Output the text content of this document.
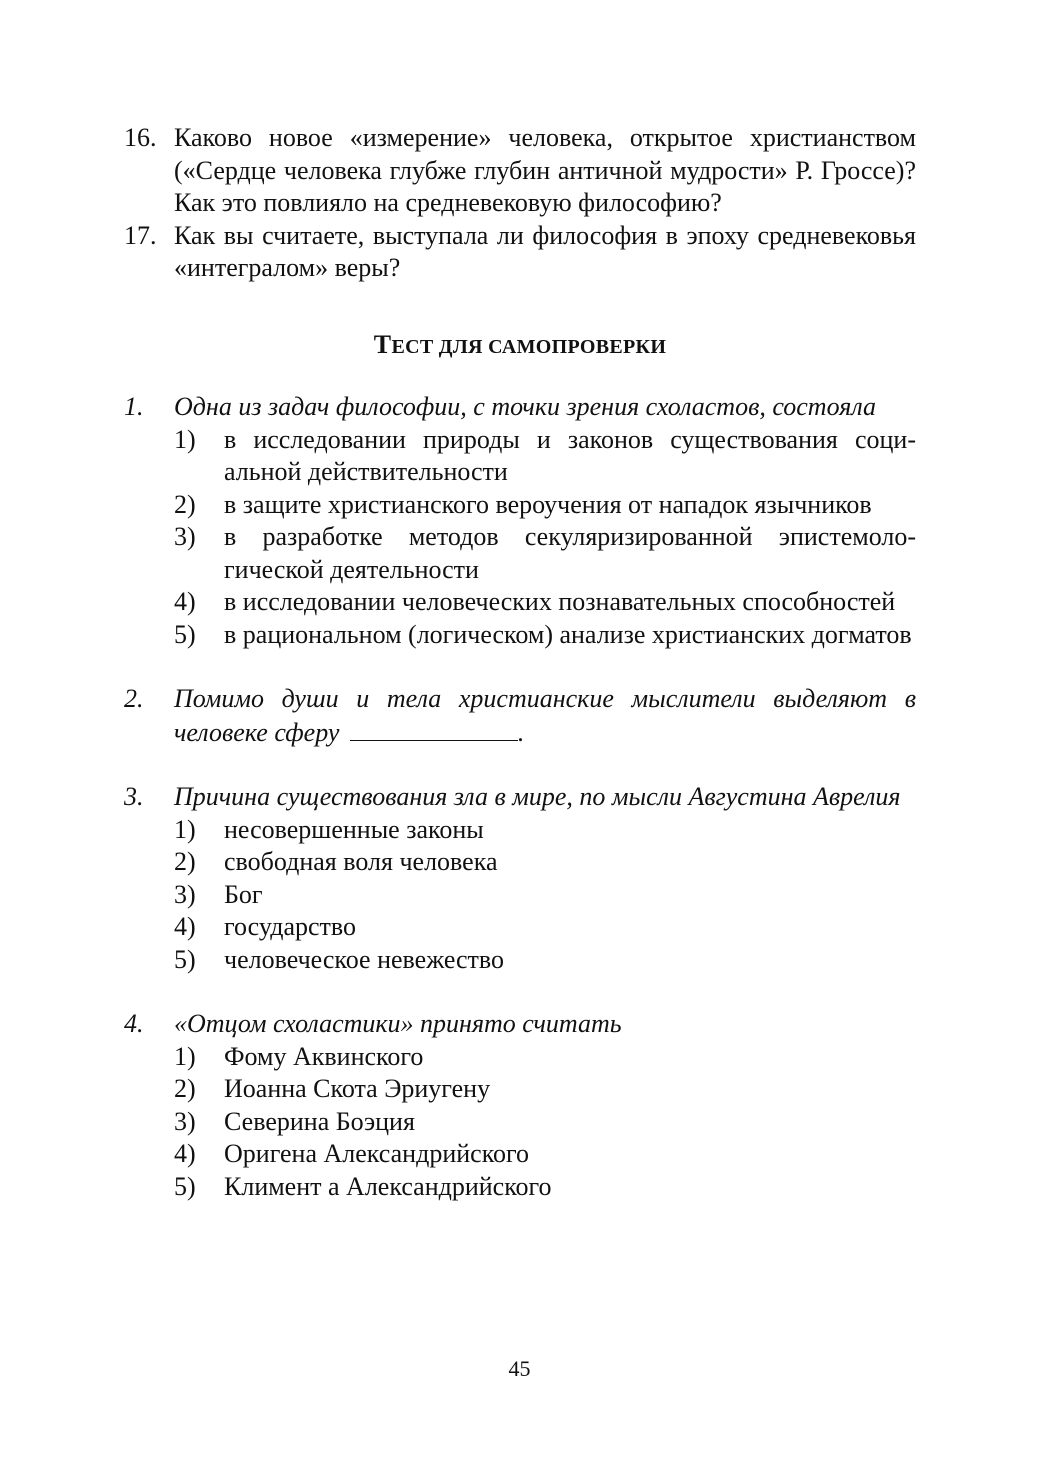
16. Каково новое «измерение» человека, открытое христианством («Сердце человека глубже глубин античной мудрости» Р. Гроссе)? Как это повлияло на средневековую философию?
17. Как вы считаете, выступала ли философия в эпоху средневековья «интегралом» веры?
ТЕСТ ДЛЯ САМОПРОВЕРКИ
1.	Одна из задач философии, с точки зрения схоластов, состояла
1)	в исследовании природы и законов существования социальной действительности
2)	в защите христианского вероучения от нападок язычников
3)	в разработке методов секуляризированной эпистемологической деятельности
4)	в исследовании человеческих познавательных способностей
5)	в рациональном (логическом) анализе христианских догматов
2.	Помимо души и тела христианские мыслители выделяют в человеке сферу	.
3.	Причина существования зла в мире, по мысли Августина Аврелия
1)	несовершенные законы
2)	свободная воля человека
3)	Бог
4)	государство
5)	человеческое невежество
4.	«Отцом схоластики» принято считать
1)	Фому Аквинского
2)	Иоанна Скота Эриугену
3)	Северина Боэция
4)	Оригена Александрийского
5)	Климент а Александрийского
45
